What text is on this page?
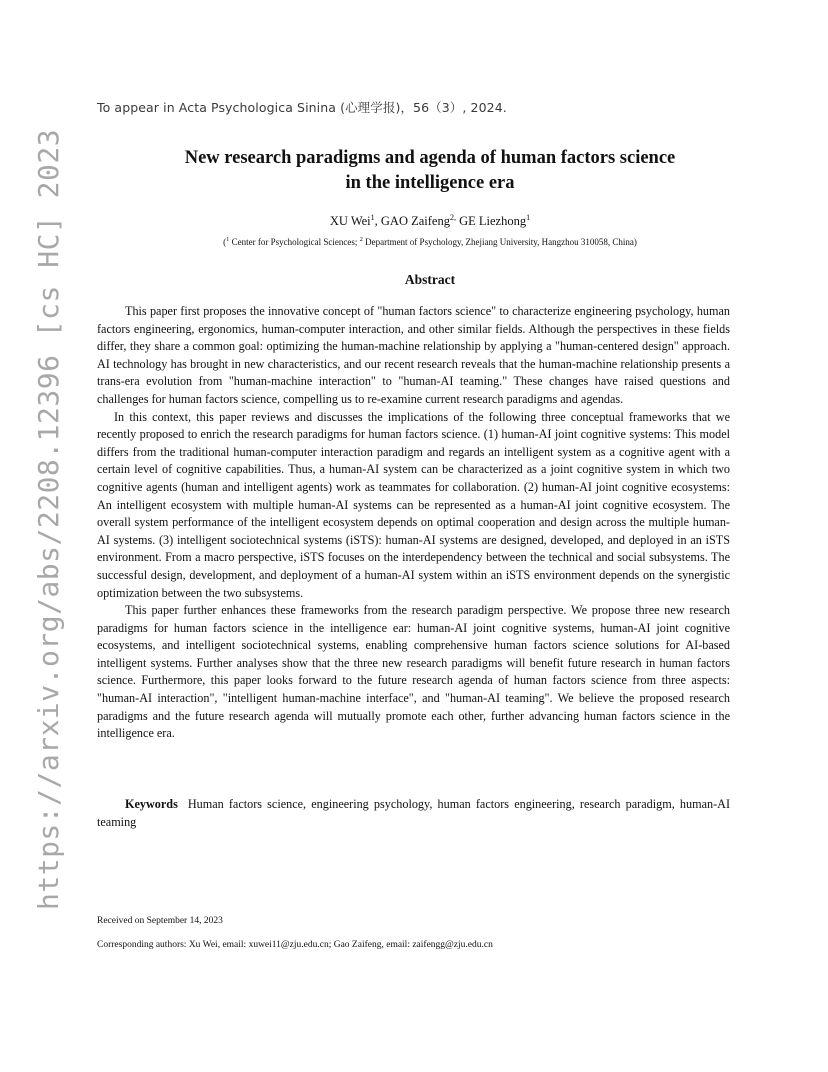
To appear in Acta Psychologica Sinina (心理学报)，56（3）, 2024.
https://arxiv.org/abs/2208.12396 [cs HC] 2023	New research paradigms and agenda of human factors science
in the intelligence era
XU Wei$^1$, GAO Zaifeng$^{2,}$ GE Liezhong$^1$
($^1$ Center for Psychological Sciences; $^2$ Department of Psychology, Zhejiang University, Hangzhou 310058, China)
Abstract

This paper first proposes the innovative concept of "human factors science" to characterize engineering psychology, human factors engineering, ergonomics, human-computer interaction, and other similar fields. Although the perspectives in these fields differ, they share a common goal: optimizing the human-machine relationship by applying a "human-centered design" approach. AI technology has brought in new characteristics, and our recent research reveals that the human-machine relationship presents a trans-era evolution from "human-machine interaction" to "human-AI teaming." These changes have raised questions and challenges for human factors science, compelling us to re-examine current research paradigms and agendas.

In this context, this paper reviews and discusses the implications of the following three conceptual frameworks that we recently proposed to enrich the research paradigms for human factors science. (1) human-AI joint cognitive systems: This model differs from the traditional human-computer interaction paradigm and regards an intelligent system as a cognitive agent with a certain level of cognitive capabilities. Thus, a human-AI system can be characterized as a joint cognitive system in which two cognitive agents (human and intelligent agents) work as teammates for collaboration. (2) human-AI joint cognitive ecosystems: An intelligent ecosystem with multiple human-AI systems can be represented as a human-AI joint cognitive ecosystem. The overall system performance of the intelligent ecosystem depends on optimal cooperation and design across the multiple human-AI systems. (3) intelligent sociotechnical systems (iSTS): human-AI systems are designed, developed, and deployed in an iSTS environment. From a macro perspective, iSTS focuses on the interdependency between the technical and social subsystems. The successful design, development, and deployment of a human-AI system within an iSTS environment depends on the synergistic optimization between the two subsystems.

This paper further enhances these frameworks from the research paradigm perspective. We propose three new research paradigms for human factors science in the intelligence ear: human-AI joint cognitive systems, human-AI joint cognitive ecosystems, and intelligent sociotechnical systems, enabling comprehensive human factors science solutions for AI-based intelligent systems. Further analyses show that the three new research paradigms will benefit future research in human factors science. Furthermore, this paper looks forward to the future research agenda of human factors science from three aspects: "human-AI interaction", "intelligent human-machine interface", and "human-AI teaming". We believe the proposed research paradigms and the future research agenda will mutually promote each other, further advancing human factors science in the intelligence era.

Keywords Human factors science, engineering psychology, human factors engineering, research paradigm, human-AI teaming
Received on September 14, 2023
Corresponding authors: Xu Wei, email: xuwei11@zju.edu.cn; Gao Zaifeng, email: zaifengg@zju.edu.cn
